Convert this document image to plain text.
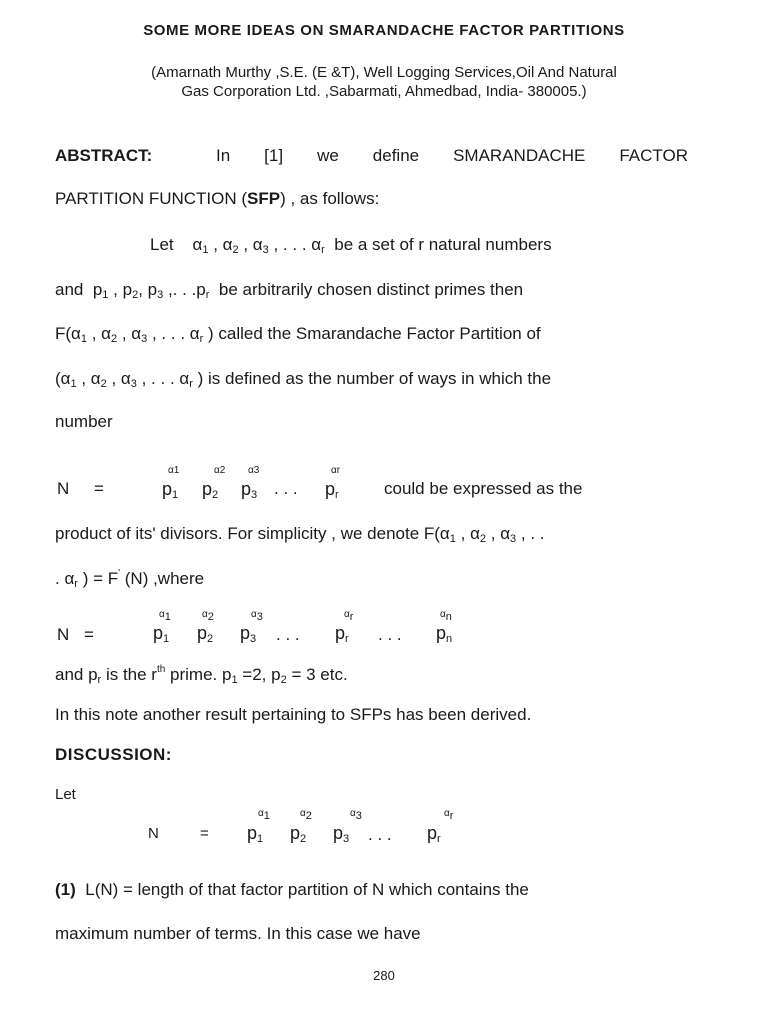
SOME MORE IDEAS ON SMARANDACHE FACTOR PARTITIONS
(Amarnath Murthy ,S.E. (E &T), Well Logging Services,Oil And Natural
Gas Corporation Ltd. ,Sabarmati, Ahmedbad, India- 380005.)
ABSTRACT:	In [1] we define SMARANDACHE FACTOR
PARTITION FUNCTION (SFP) , as follows:
Let $\alpha_1$ , $\alpha_2$ , $\alpha_3$ , . . . $\alpha_r$ be a set of r natural numbers
and $p_1$ , $p_2$, $p_3$ ,. . $.p_r$ be arbitrarily chosen distinct primes then
$F(\alpha_1$ , $\alpha_2$ , $\alpha_3$ , . . . $\alpha_r$ ) called the Smarandache Factor Partition of
($\alpha_1$ , $\alpha_2$ , $\alpha_3$ , . . . $\alpha_r$ ) is defined as the number of ways in which the
number
α1	α2 α3	αr
N =	$p_1$ $p_2$ $p_3$ . . . $p_r$	could be expressed as the
product of its' divisors. For simplicity , we denote $F(\alpha_1$ , $\alpha_2$ , $\alpha_3$ , . .
. $\alpha_r$ ) = F' (N) ,where
α1	α2	α3	αr	αn
N =	$p_1$ $p_2$ $p_3$ . . . $p_r$ . . . $p_n$
and $p_r$ is the $r^{th}$ prime. $p_1 =2$, $p_2 = 3$ etc.
In this note another result pertaining to SFPs has been derived.
DISCUSSION:
Let
α1	α2	α3	αr
N	= $p_1$ $p_2$ $p_3$ . . . $p_r$
(1) L(N) = length of that factor partition of N which contains the
maximum number of terms. In this case we have
280
